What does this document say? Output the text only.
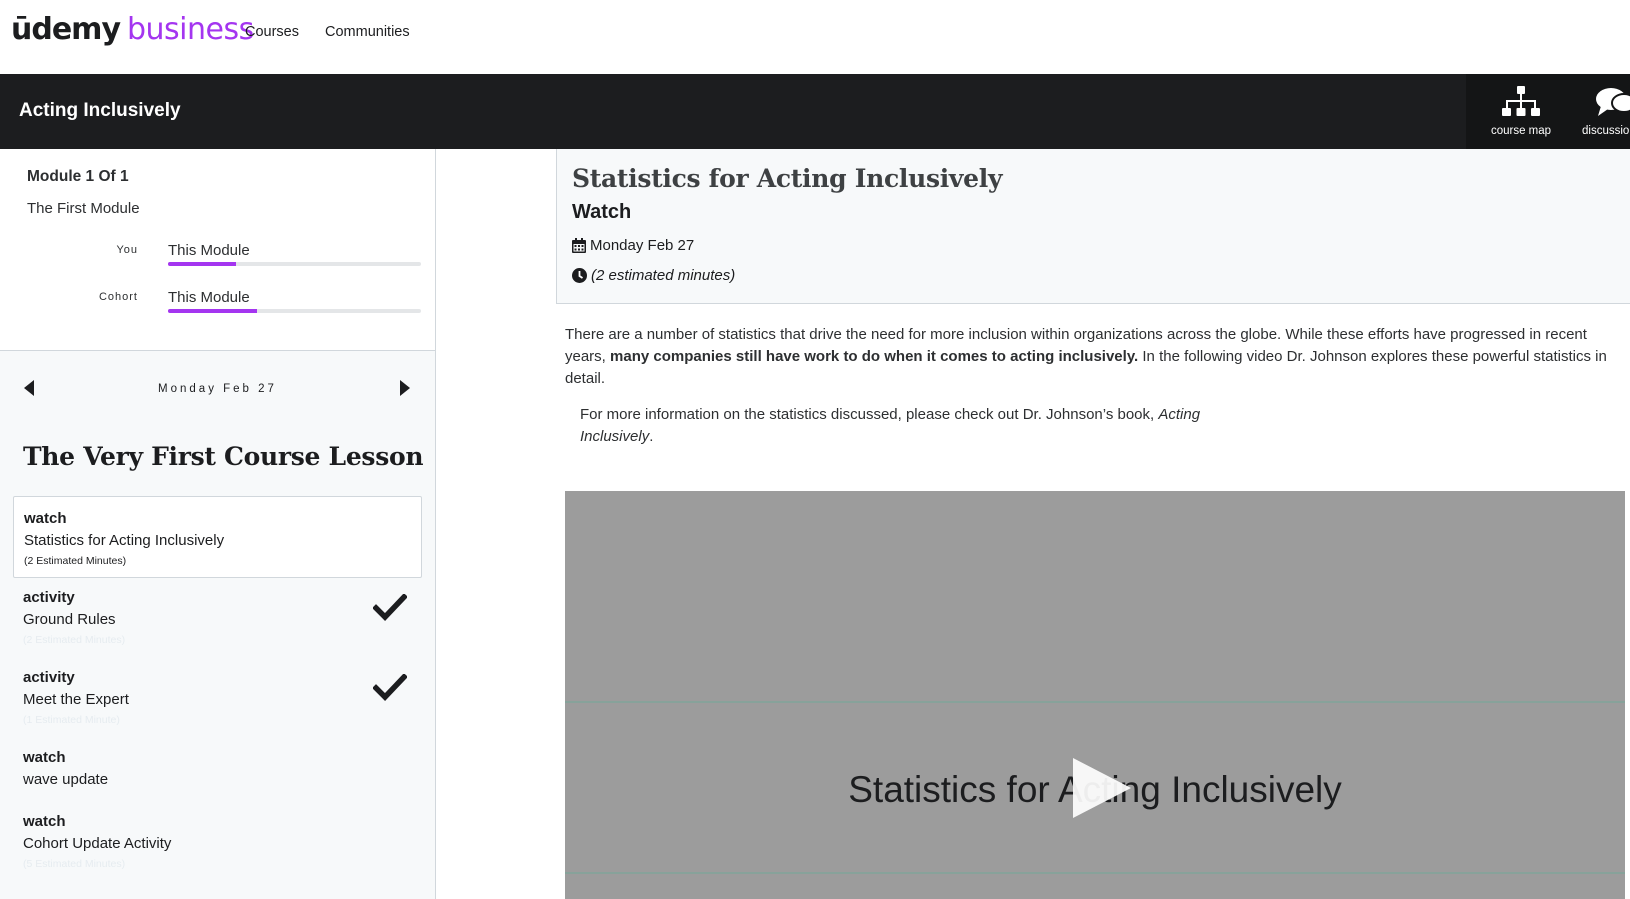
ūdemy business
Courses Communities
Acting Inclusively
course map	discussio
Module 1 Of 1
The First Module
You This Module
Cohort This Module
Monday Feb 27
The Very First Course Lesson
watch
Statistics for Acting Inclusively
(2 Estimated Minutes)
activity
Ground Rules
(2 Estimated Minutes)
activity
Meet the Expert
(1 Estimated Minute)
watch
wave update
watch
Cohort Update Activity
(5 Estimated Minutes)
Statistics for Acting Inclusively
Watch
Monday Feb 27
(2 estimated minutes)
There are a number of statistics that drive the need for more inclusion within organizations across the globe. While these efforts have progressed in recent years, many companies still have work to do when it comes to acting inclusively. In the following video Dr. Johnson explores these powerful statistics in detail.
For more information on the statistics discussed, please check out Dr. Johnson’s book, Acting Inclusively.
Statistics for Acting Inclusively
